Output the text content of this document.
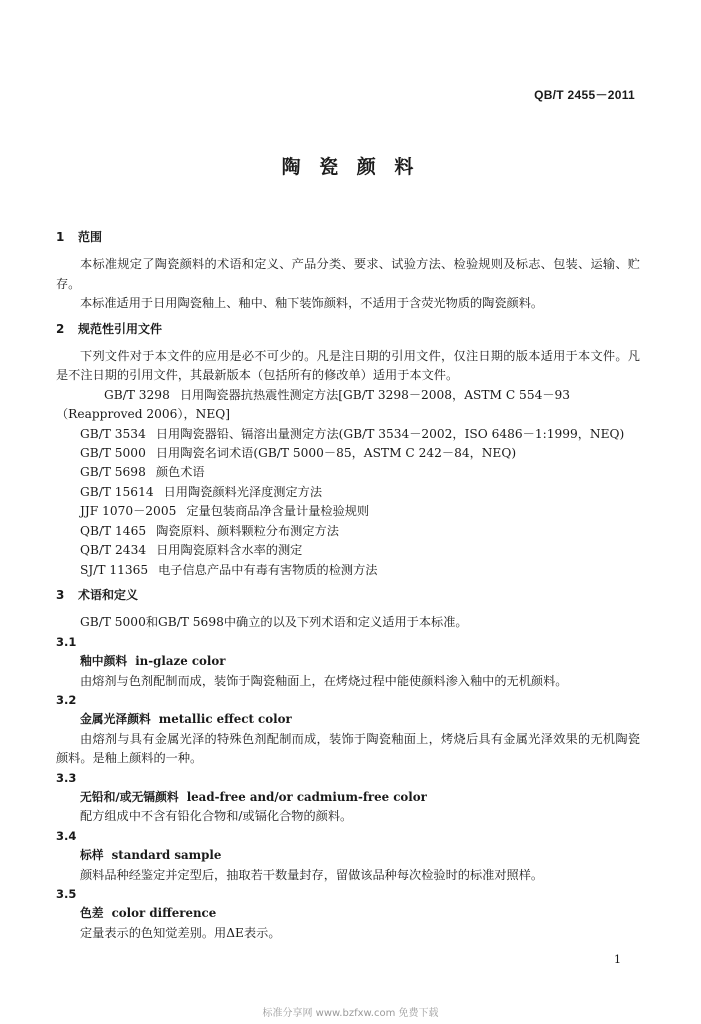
QB/T 2455－2011
陶 瓷 颜 料

1 范围

本标准规定了陶瓷颜料的术语和定义、产品分类、要求、试验方法、检验规则及标志、包装、运输、贮存。

本标准适用于日用陶瓷釉上、釉中、釉下装饰颜料，不适用于含荧光物质的陶瓷颜料。

2 规范性引用文件

下列文件对于本文件的应用是必不可少的。凡是注日期的引用文件，仅注日期的版本适用于本文件。凡是不注日期的引用文件，其最新版本（包括所有的修改单）适用于本文件。

GB/T 3298 日用陶瓷器抗热震性测定方法[GB/T 3298－2008，ASTM C 554－93（Reapproved 2006），NEQ]

GB/T 3534 日用陶瓷器铅、镉溶出量测定方法(GB/T 3534－2002，ISO 6486－1:1999，NEQ)

GB/T 5000 日用陶瓷名词术语(GB/T 5000－85，ASTM C 242－84，NEQ)

GB/T 5698 颜色术语

GB/T 15614 日用陶瓷颜料光泽度测定方法

JJF 1070－2005 定量包装商品净含量计量检验规则

QB/T 1465 陶瓷原料、颜料颗粒分布测定方法

QB/T 2434 日用陶瓷原料含水率的测定

SJ/T 11365 电子信息产品中有毒有害物质的检测方法

3 术语和定义

GB/T 5000和GB/T 5698中确立的以及下列术语和定义适用于本标准。

3.1

釉中颜料 in-glaze color

由熔剂与色剂配制而成，装饰于陶瓷釉面上，在烤烧过程中能使颜料渗入釉中的无机颜料。

3.2

金属光泽颜料 metallic effect color

由熔剂与具有金属光泽的特殊色剂配制而成，装饰于陶瓷釉面上，烤烧后具有金属光泽效果的无机陶瓷颜料。是釉上颜料的一种。

3.3

无铅和/或无镉颜料 lead-free and/or cadmium-free color

配方组成中不含有铅化合物和/或镉化合物的颜料。

3.4

标样 standard sample

颜料品种经鉴定并定型后，抽取若干数量封存，留做该品种每次检验时的标准对照样。

3.5

色差 color difference

定量表示的色知觉差别。用ΔE表示。

1
标准分享网 www.bzfxw.com 免费下载
